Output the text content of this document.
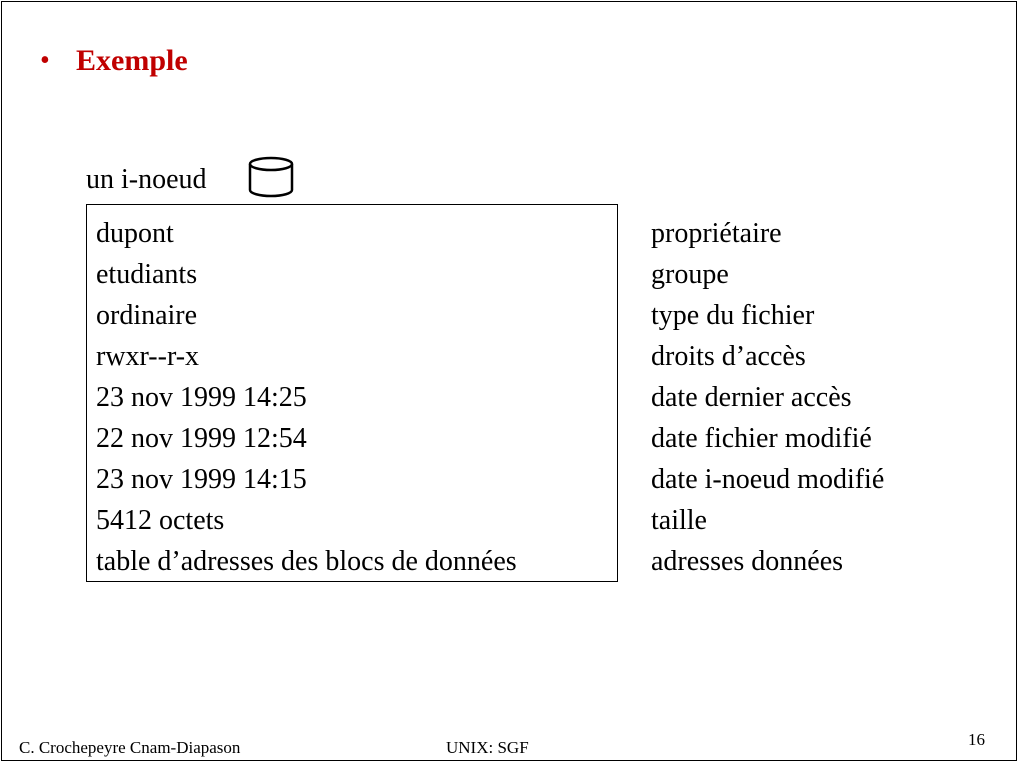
• Exemple
un i-noeud
dupont
etudiants
ordinaire
rwxr--r-x
23 nov 1999 14:25
22 nov 1999 12:54
23 nov 1999 14:15
5412 octets
table d’adresses des blocs de données
propriétaire
groupe
type du fichier
droits d’accès
date dernier accès
date fichier modifié
date i-noeud modifié
taille
adresses données
C. Crochepeyre Cnam-Diapason	UNIX: SGF	16
